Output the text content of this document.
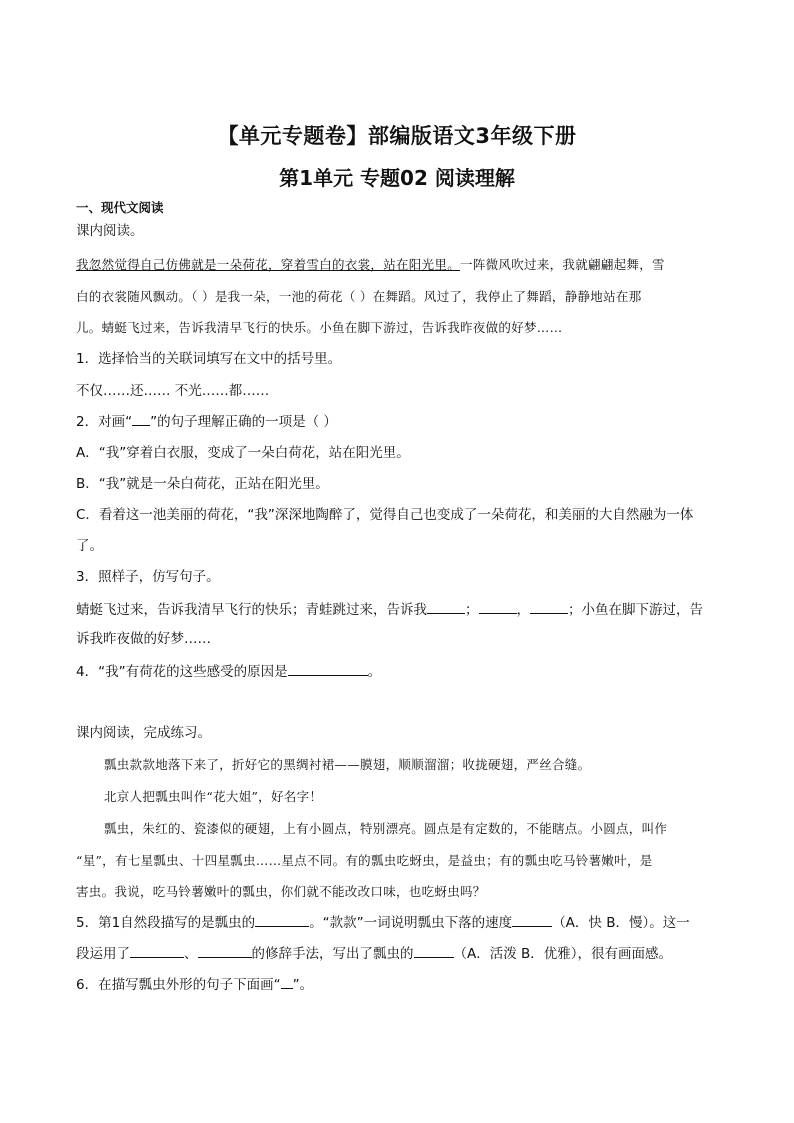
【单元专题卷】部编版语文3年级下册
第1单元 专题02 阅读理解
一、现代文阅读
课内阅读。
我忽然觉得自己仿佛就是一朵荷花，穿着雪白的衣裳，站在阳光里。一阵微风吹过来，我就翩翩起舞，雪
白的衣裳随风飘动。（ ）是我一朵，一池的荷花（ ）在舞蹈。风过了，我停止了舞蹈，静静地站在那
儿。蜻蜓飞过来，告诉我清早飞行的快乐。小鱼在脚下游过，告诉我昨夜做的好梦……
1．选择恰当的关联词填写在文中的括号里。
不仅……还…… 不光……都……
2．对画“ ”的句子理解正确的一项是（ ）
A．“我”穿着白衣服，变成了一朵白荷花，站在阳光里。
B．“我”就是一朵白荷花，正站在阳光里。
C．看着这一池美丽的荷花，“我”深深地陶醉了，觉得自己也变成了一朵荷花，和美丽的大自然融为一体
了。
3．照样子，仿写句子。
蜻蜓飞过来，告诉我清早飞行的快乐；青蛙跳过来，告诉我	；	，	；小鱼在脚下游过，告
诉我昨夜做的好梦……
4．“我”有荷花的这些感受的原因是	。
课内阅读，完成练习。
瓢虫款款地落下来了，折好它的黑绸衬裙——膜翅，顺顺溜溜；收拢硬翅，严丝合缝。
北京人把瓢虫叫作“花大姐”，好名字！
瓢虫，朱红的、瓷漆似的硬翅，上有小圆点，特别漂亮。圆点是有定数的，不能瞎点。小圆点，叫作
“星”，有七星瓢虫、十四星瓢虫……星点不同。有的瓢虫吃蚜虫，是益虫；有的瓢虫吃马铃薯嫩叶，是
害虫。我说，吃马铃薯嫩叶的瓢虫，你们就不能改改口味，也吃蚜虫吗？
5．第1自然段描写的是瓢虫的	。“款款”一词说明瓢虫下落的速度	（A．快 B．慢）。这一
段运用了	、	的修辞手法，写出了瓢虫的	（A．活泼 B．优雅），很有画面感。
6．在描写瓢虫外形的句子下面画“ ”。
